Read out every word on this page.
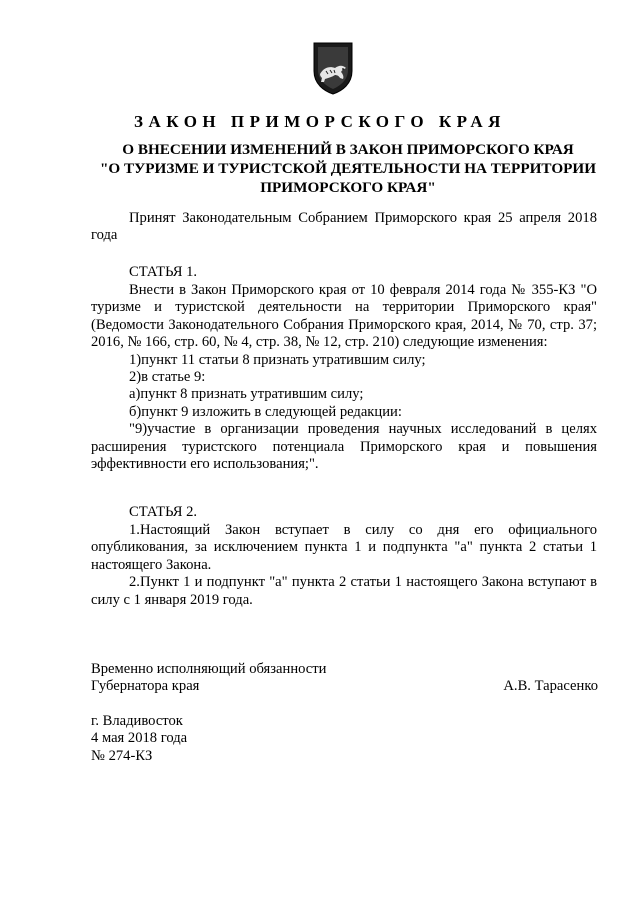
ЗАКОН ПРИМОРСКОГО КРАЯ
О ВНЕСЕНИИ ИЗМЕНЕНИЙ В ЗАКОН ПРИМОРСКОГО КРАЯ
"О ТУРИЗМЕ И ТУРИСТСКОЙ ДЕЯТЕЛЬНОСТИ НА ТЕРРИТОРИИ
ПРИМОРСКОГО КРАЯ"
Принят Законодательным Собранием Приморского края 25 апреля 2018 года
СТАТЬЯ 1.
Внести в Закон Приморского края от 10 февраля 2014 года № 355-КЗ "О туризме и туристской деятельности на территории Приморского края" (Ведомости Законодательного Собрания Приморского края, 2014, № 70, стр. 37; 2016, № 166, стр. 60, № 4, стр. 38, № 12, стр. 210) следующие изменения:
1)пункт 11 статьи 8 признать утратившим силу;
2)в статье 9:
а)пункт 8 признать утратившим силу;
б)пункт 9 изложить в следующей редакции:
"9)участие в организации проведения научных исследований в целях расширения туристского потенциала Приморского края и повышения эффективности его использования;".
СТАТЬЯ 2.
1.Настоящий Закон вступает в силу со дня его официального опубликования, за исключением пункта 1 и подпункта "а" пункта 2 статьи 1 настоящего Закона.
2.Пункт 1 и подпункт "а" пункта 2 статьи 1 настоящего Закона вступают в силу с 1 января 2019 года.
Временно исполняющий обязанности
Губернатора края	А.В. Тарасенко
г. Владивосток
4 мая 2018 года
№ 274-КЗ
